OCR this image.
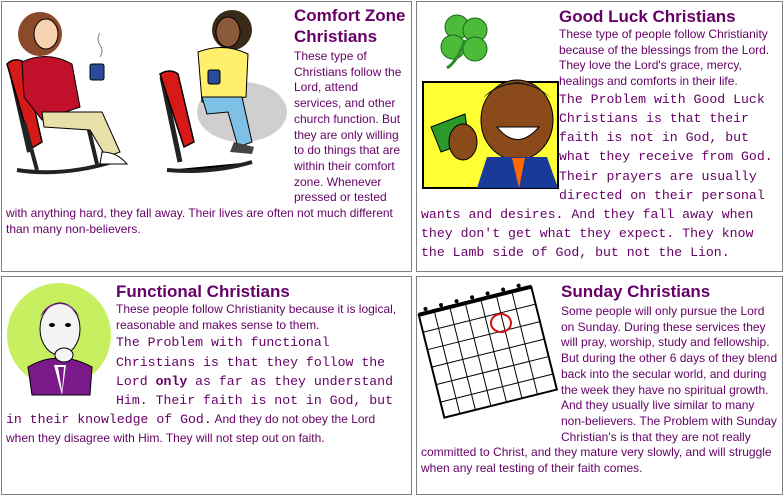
Comfort Zone Christians
These type of Christians follow the Lord, attend services, and other church function. But they are only willing to do things that are within their comfort zone. Whenever pressed or tested with anything hard, they fall away. Their lives are often not much different than many non-believers.
Good Luck Christians
These type of people follow Christianity because of the blessings from the Lord. They love the Lord's grace, mercy, healings and comforts in their life.
The Problem with Good Luck Christians is that their faith is not in God, but what they receive from God. Their prayers are usually directed on their personal wants and desires. And they fall away when they don't get what they expect. They know the Lamb side of God, but not the Lion.
Functional Christians
These people follow Christianity because it is logical, reasonable and makes sense to them.
The Problem with functional Christians is that they follow the Lord only as far as they understand Him. Their faith is not in God, but in their knowledge of God. And they do not obey the Lord when they disagree with Him. They will not step out on faith.
Sunday Christians
Some people will only pursue the Lord on Sunday. During these services they will pray, worship, study and fellowship. But during the other 6 days of they blend back into the secular world, and during the week they have no spiritual growth. And they usually live similar to many non-believers. The Problem with Sunday Christian's is that they are not really committed to Christ, and they mature very slowly, and will struggle when any real testing of their faith comes.
